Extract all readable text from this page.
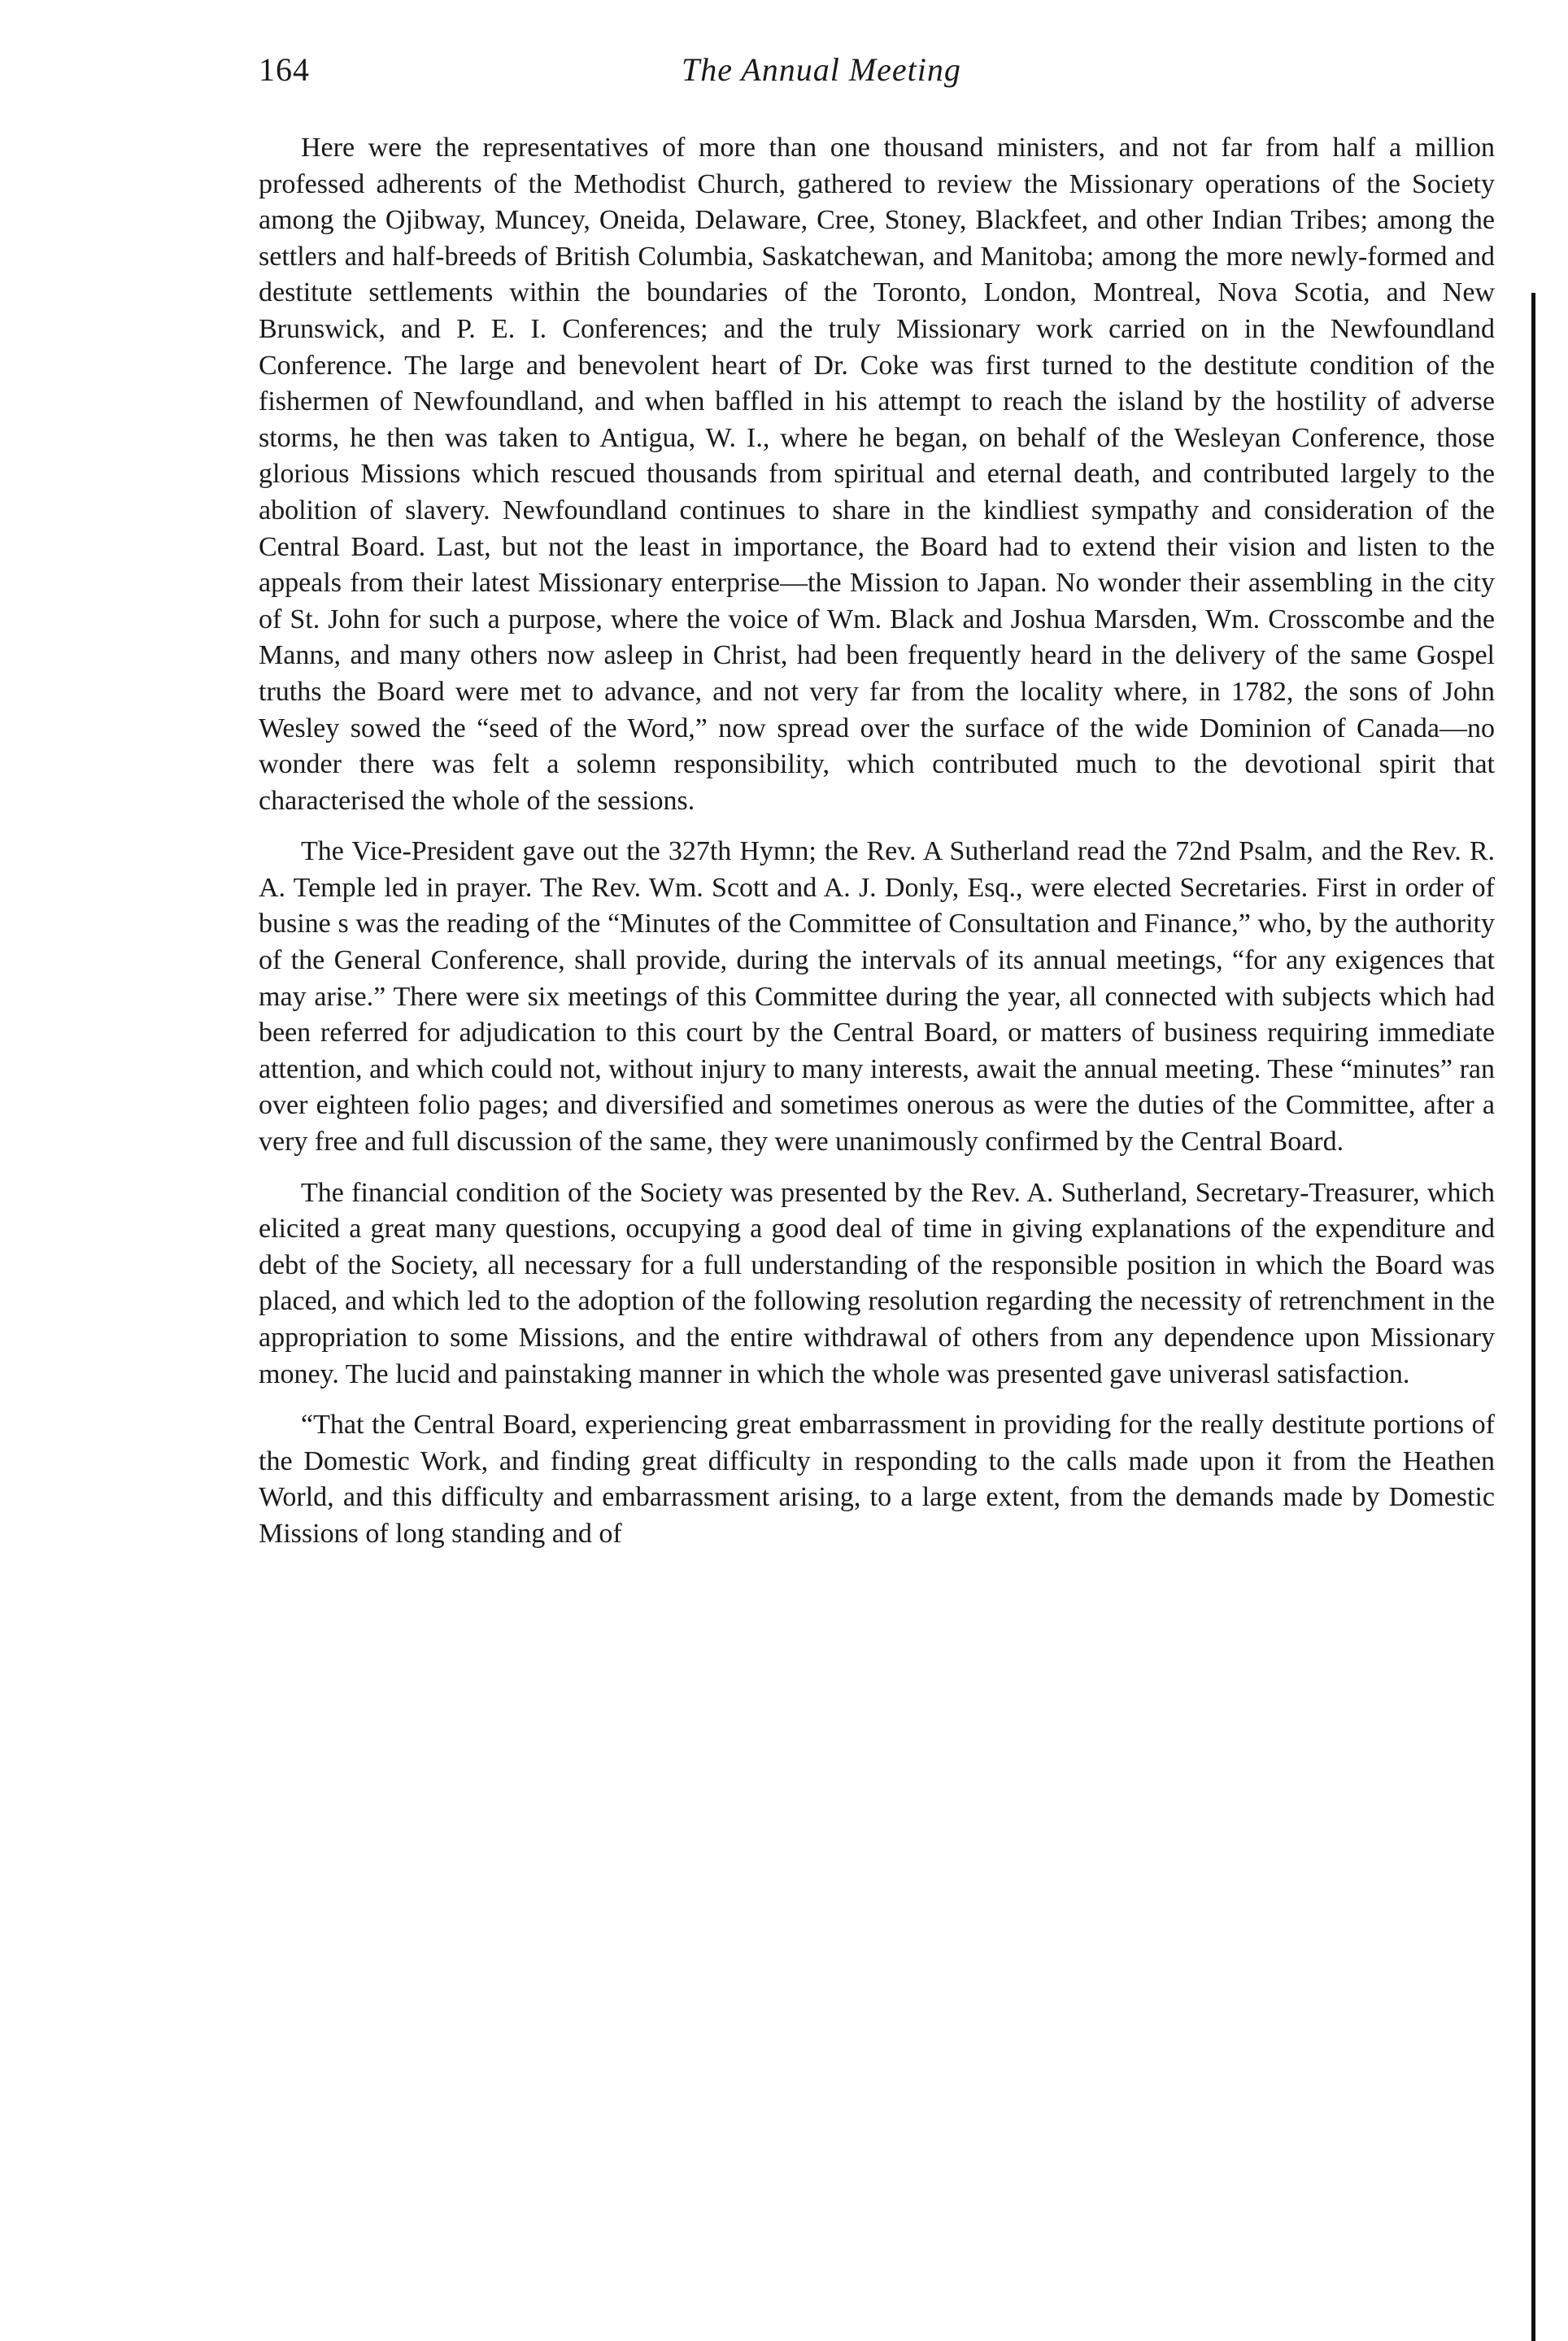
164	The Annual Meeting

Here were the representatives of more than one thousand ministers, and not far from half a million professed adherents of the Methodist Church, gathered to review the Missionary operations of the Society among the Ojibway, Muncey, Oneida, Delaware, Cree, Stoney, Blackfeet, and other Indian Tribes; among the settlers and half-breeds of British Columbia, Saskatchewan, and Manitoba; among the more newly-formed and destitute settlements within the boundaries of the Toronto, London, Montreal, Nova Scotia, and New Brunswick, and P. E. I. Conferences; and the truly Missionary work carried on in the Newfoundland Conference. The large and benevolent heart of Dr. Coke was first turned to the destitute condition of the fishermen of Newfoundland, and when baffled in his attempt to reach the island by the hostility of adverse storms, he then was taken to Antigua, W. I., where he began, on behalf of the Wesleyan Conference, those glorious Missions which rescued thousands from spiritual and eternal death, and contributed largely to the abolition of slavery. Newfoundland continues to share in the kindliest sympathy and consideration of the Central Board. Last, but not the least in importance, the Board had to extend their vision and listen to the appeals from their latest Missionary enterprise—the Mission to Japan. No wonder their assembling in the city of St. John for such a purpose, where the voice of Wm. Black and Joshua Marsden, Wm. Crosscombe and the Manns, and many others now asleep in Christ, had been frequently heard in the delivery of the same Gospel truths the Board were met to advance, and not very far from the locality where, in 1782, the sons of John Wesley sowed the “seed of the Word,” now spread over the surface of the wide Dominion of Canada—no wonder there was felt a solemn responsibility, which contributed much to the devotional spirit that characterised the whole of the sessions.

The Vice-President gave out the 327th Hymn; the Rev. A Sutherland read the 72nd Psalm, and the Rev. R. A. Temple led in prayer. The Rev. Wm. Scott and A. J. Donly, Esq., were elected Secretaries. First in order of busine s was the reading of the “Minutes of the Committee of Consultation and Finance,” who, by the authority of the General Conference, shall provide, during the intervals of its annual meetings, “for any exigences that may arise.” There were six meetings of this Committee during the year, all connected with subjects which had been referred for adjudication to this court by the Central Board, or matters of business requiring immediate attention, and which could not, without injury to many interests, await the annual meeting. These “minutes” ran over eighteen folio pages; and diversified and sometimes onerous as were the duties of the Committee, after a very free and full discussion of the same, they were unanimously confirmed by the Central Board.

The financial condition of the Society was presented by the Rev. A. Sutherland, Secretary-Treasurer, which elicited a great many questions, occupying a good deal of time in giving explanations of the expenditure and debt of the Society, all necessary for a full understanding of the responsible position in which the Board was placed, and which led to the adoption of the following resolution regarding the necessity of retrenchment in the appropriation to some Missions, and the entire withdrawal of others from any dependence upon Missionary money. The lucid and painstaking manner in which the whole was presented gave univerasl satisfaction.

“That the Central Board, experiencing great embarrassment in providing for the really destitute portions of the Domestic Work, and finding great difficulty in responding to the calls made upon it from the Heathen World, and this difficulty and embarrassment arising, to a large extent, from the demands made by Domestic Missions of long standing and of
